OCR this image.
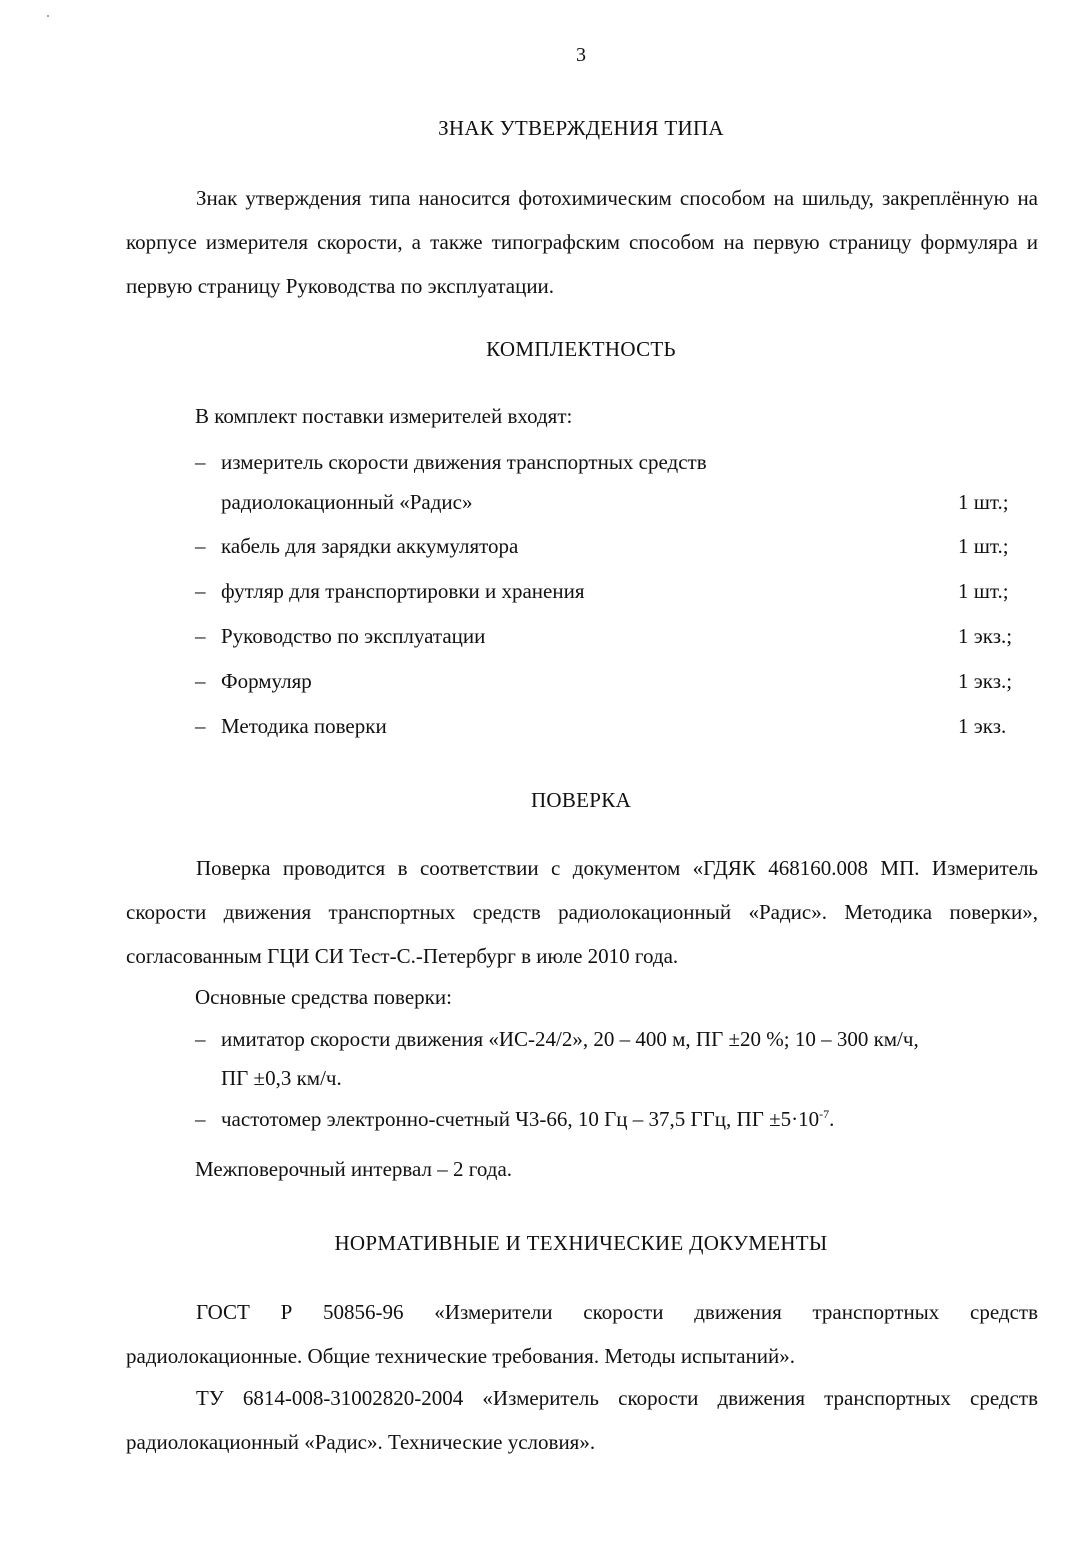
3
ЗНАК УТВЕРЖДЕНИЯ ТИПА
Знак утверждения типа наносится фотохимическим способом на шильду, закреплённую на корпусе измерителя скорости, а также типографским способом на первую страницу формуляра и первую страницу Руководства по эксплуатации.
КОМПЛЕКТНОСТЬ
В комплект поставки измерителей входят:
– измеритель скорости движения транспортных средств
радиолокационный «Радис»	1 шт.;
– кабель для зарядки аккумулятора	1 шт.;
– футляр для транспортировки и хранения	1 шт.;
– Руководство по эксплуатации	1 экз.;
– Формуляр	1 экз.;
– Методика поверки	1 экз.
ПОВЕРКА
Поверка проводится в соответствии с документом «ГДЯК 468160.008 МП. Измеритель скорости движения транспортных средств радиолокационный «Радис». Методика поверки», согласованным ГЦИ СИ Тест-С.-Петербург в июле 2010 года.
Основные средства поверки:
– имитатор скорости движения «ИС-24/2», 20 – 400 м, ПГ ±20 %; 10 – 300 км/ч,
ПГ ±0,3 км/ч.
– частотомер электронно-счетный Ч3-66, 10 Гц – 37,5 ГГц, ПГ $\pm 5\cdot 10^{-7}$.
Межповерочный интервал – 2 года.
НОРМАТИВНЫЕ И ТЕХНИЧЕСКИЕ ДОКУМЕНТЫ
ГОСТ Р 50856-96 «Измерители скорости движения транспортных средств радиолокационные. Общие технические требования. Методы испытаний».
ТУ 6814-008-31002820-2004 «Измеритель скорости движения транспортных средств радиолокационный «Радис». Технические условия».
